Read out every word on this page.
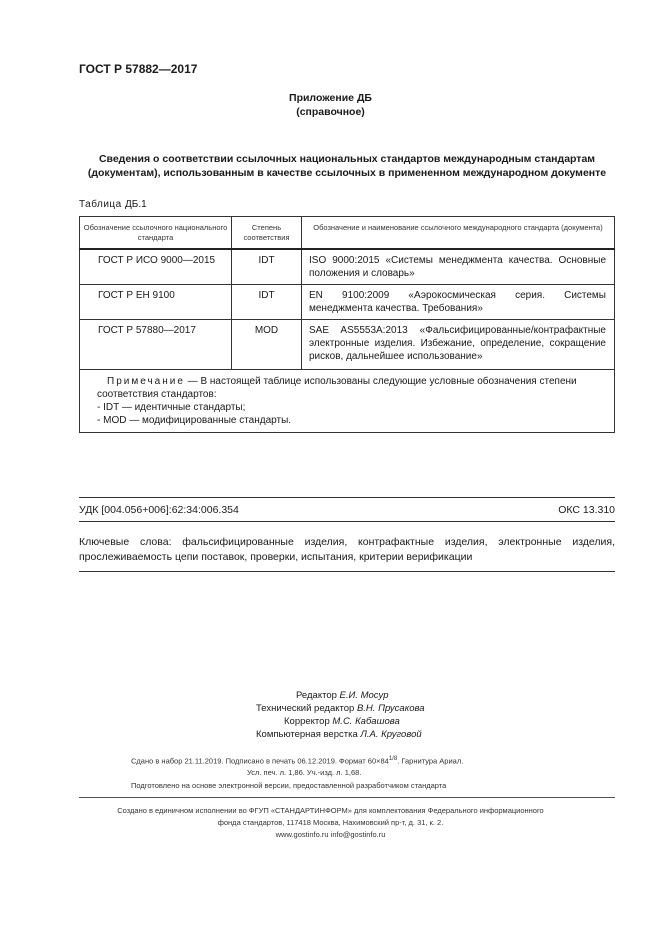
ГОСТ Р 57882—2017
Приложение ДБ
(справочное)
Сведения о соответствии ссылочных национальных стандартов международным стандартам (документам), использованным в качестве ссылочных в примененном международном документе
Таблица ДБ.1
Обозначение ссылочного национального стандарта	Степень соответствия	Обозначение и наименование ссылочного международного стандарта (документа)
ГОСТ Р ИСО 9000—2015	IDT	ISO 9000:2015 «Системы менеджмента качества. Основные положения и словарь»
ГОСТ Р ЕН 9100	IDT	EN 9100:2009 «Аэрокосмическая серия. Системы менеджмента качества. Требования»
ГОСТ Р 57880—2017	MOD	SAE AS5553A:2013 «Фальсифицированные/контрафактные электронные изделия. Избежание, определение, сокращение рисков, дальнейшее использование»

Примечание — В настоящей таблице использованы следующие условные обозначения степени соответствия стандартов:

- IDT — идентичные стандарты;

- MOD — модифицированные стандарты.		

УДК [004.056+006]:62:34:006.354	ОКС 13.310
Ключевые слова: фальсифицированные изделия, контрафактные изделия, электронные изделия, прослеживаемость цепи поставок, проверки, испытания, критерии верификации
Редактор Е.И. Мосур
Технический редактор В.Н. Прусакова
Корректор М.С. Кабашова
Компьютерная верстка Л.А. Круговой
Сдано в набор 21.11.2019. Подписано в печать 06.12.2019. Формат $60\times 84^{1/8}$. Гарнитура Ариал.
Усл. печ. л. 1,86. Уч.-изд. л. 1,68.
Подготовлено на основе электронной версии, предоставленной разработчиком стандарта
Создано в единичном исполнении во ФГУП «СТАНДАРТИНФОРМ» для комплектования Федерального информационного
фонда стандартов, 117418 Москва, Нахимовский пр-т, д. 31, к. 2.
www.gostinfo.ru info@gostinfo.ru
